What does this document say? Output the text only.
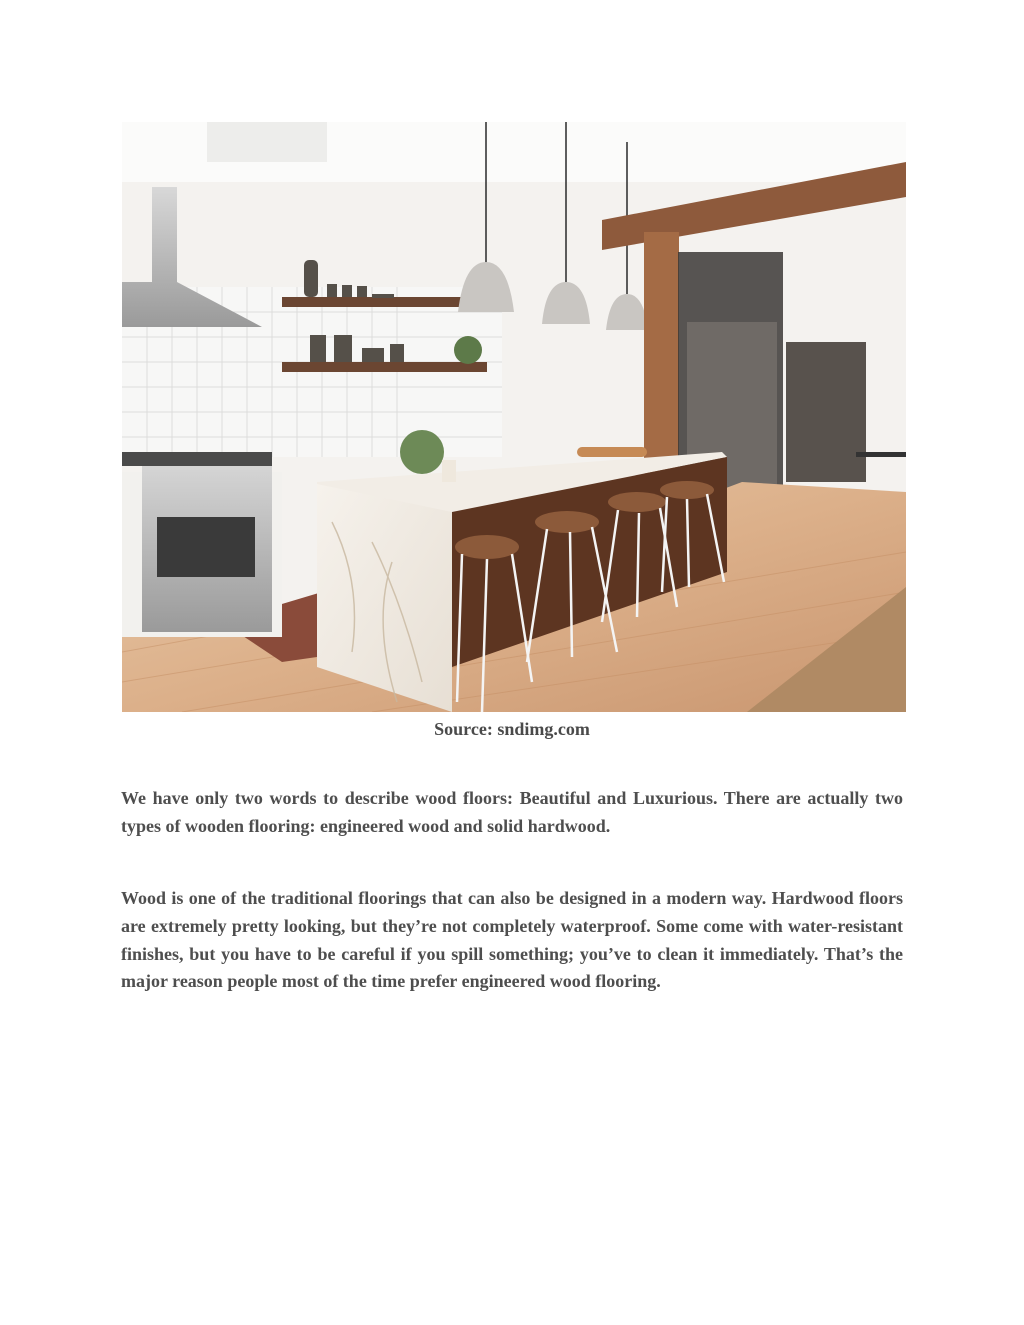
Source: sndimg.com

We have only two words to describe wood floors: Beautiful and Luxurious. There are actually two types of wooden flooring: engineered wood and solid hardwood.

Wood is one of the traditional floorings that can also be designed in a modern way. Hardwood floors are extremely pretty looking, but they’re not completely waterproof. Some come with water-resistant finishes, but you have to be careful if you spill something; you’ve to clean it immediately. That’s the major reason people most of the time prefer engineered wood flooring.
